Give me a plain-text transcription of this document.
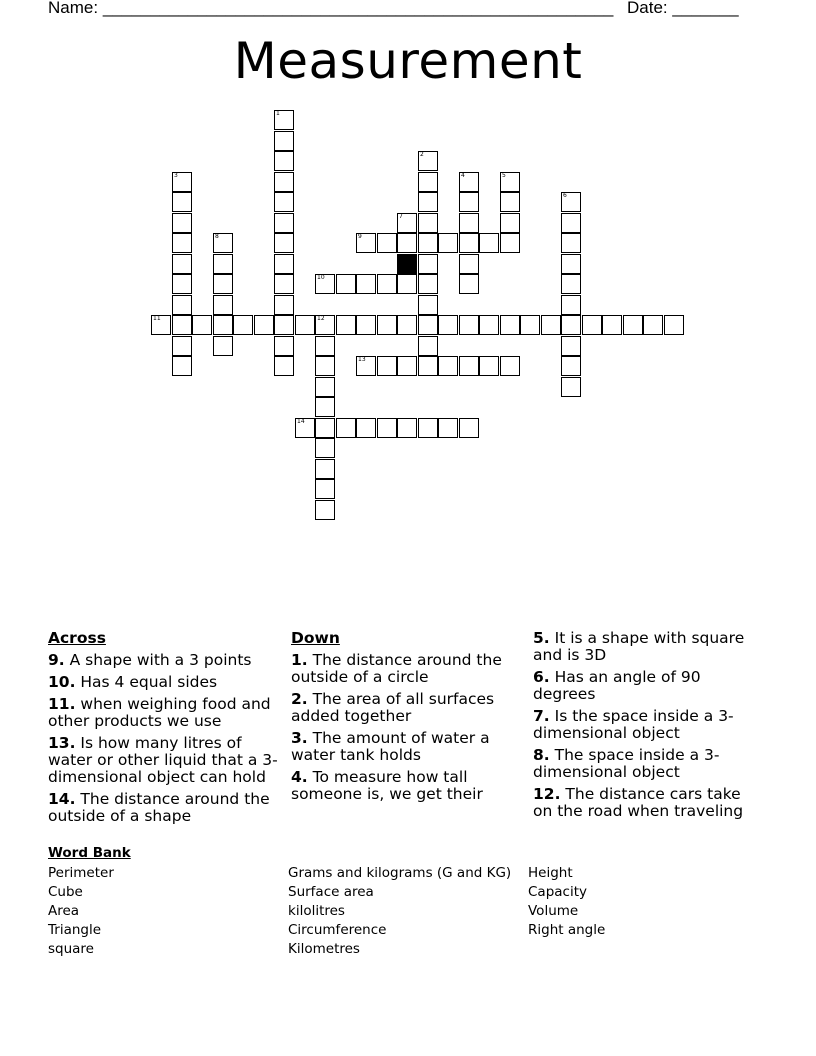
Name: ______________________________________________________ Date: _______
Measurement
1
2
3	4	5
6
7
8	9
10
11	12
13
14
Across
9. A shape with a 3 points
10. Has 4 equal sides
11. when weighing food and other products we use
13. Is how many litres of water or other liquid that a 3-dimensional object can hold
14. The distance around the outside of a shape
Down
1. The distance around the outside of a circle
2. The area of all surfaces added together
3. The amount of water a water tank holds
4. To measure how tall someone is, we get their
5. It is a shape with square and is 3D
6. Has an angle of 90 degrees
7. Is the space inside a 3-dimensional object
8. The space inside a 3-dimensional object
12. The distance cars take on the road when traveling
Word Bank
Perimeter
Cube
Area
Triangle
square
Grams and kilograms (G and KG)
Surface area
kilolitres
Circumference
Kilometres
Height
Capacity
Volume
Right angle
